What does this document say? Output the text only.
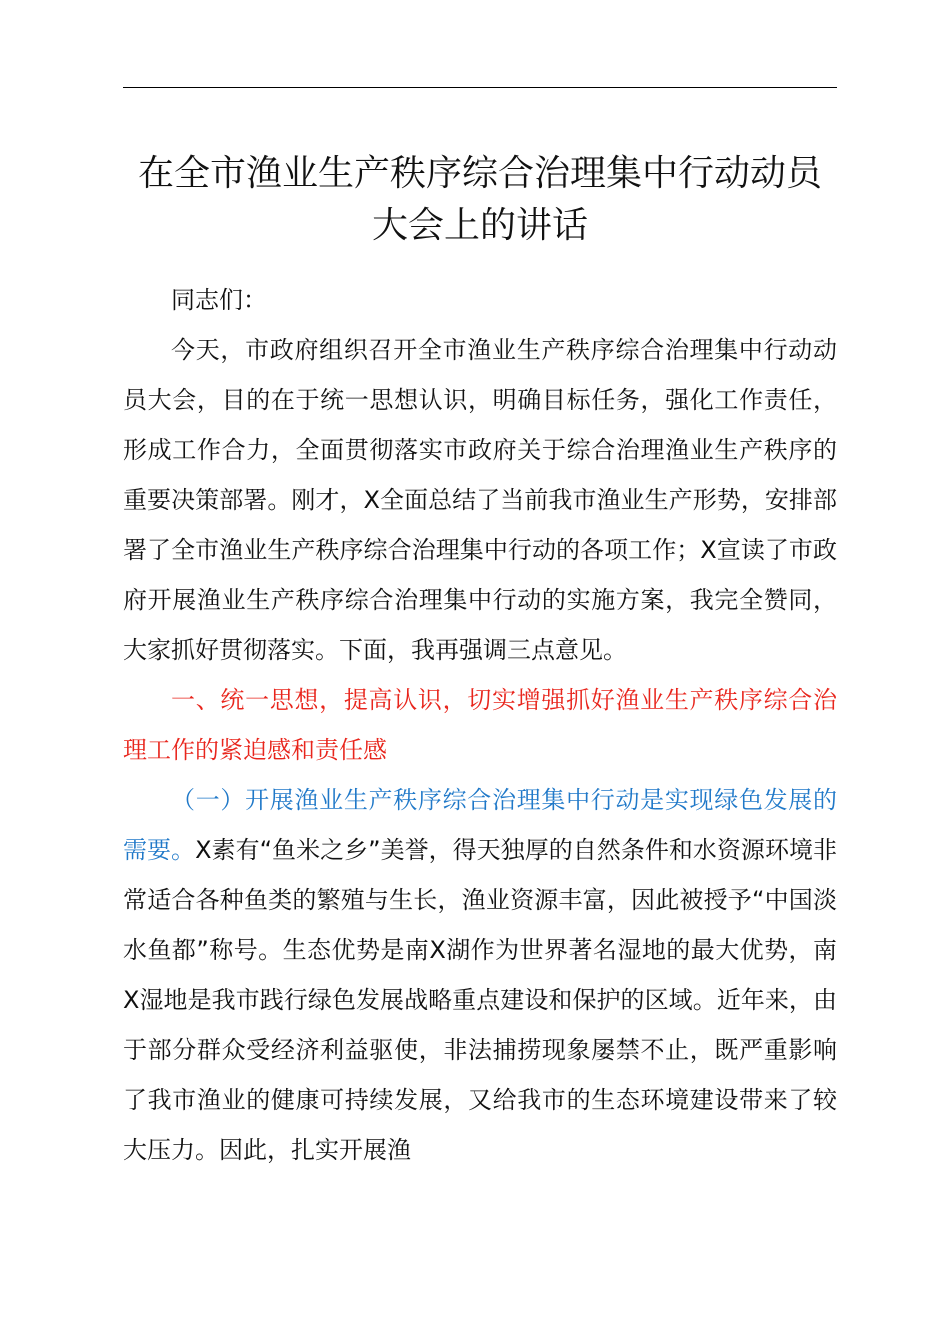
在全市渔业生产秩序综合治理集中行动动员大会上的讲话

同志们：

今天，市政府组织召开全市渔业生产秩序综合治理集中行动动员大会，目的在于统一思想认识，明确目标任务，强化工作责任，形成工作合力，全面贯彻落实市政府关于综合治理渔业生产秩序的重要决策部署。刚才，X全面总结了当前我市渔业生产形势，安排部署了全市渔业生产秩序综合治理集中行动的各项工作；X宣读了市政府开展渔业生产秩序综合治理集中行动的实施方案，我完全赞同，大家抓好贯彻落实。下面，我再强调三点意见。

一、统一思想，提高认识，切实增强抓好渔业生产秩序综合治理工作的紧迫感和责任感

（一）开展渔业生产秩序综合治理集中行动是实现绿色发展的需要。X素有“鱼米之乡”美誉，得天独厚的自然条件和水资源环境非常适合各种鱼类的繁殖与生长，渔业资源丰富，因此被授予“中国淡水鱼都”称号。生态优势是南X湖作为世界著名湿地的最大优势，南X湿地是我市践行绿色发展战略重点建设和保护的区域。近年来，由于部分群众受经济利益驱使，非法捕捞现象屡禁不止，既严重影响了我市渔业的健康可持续发展，又给我市的生态环境建设带来了较大压力。因此，扎实开展渔
